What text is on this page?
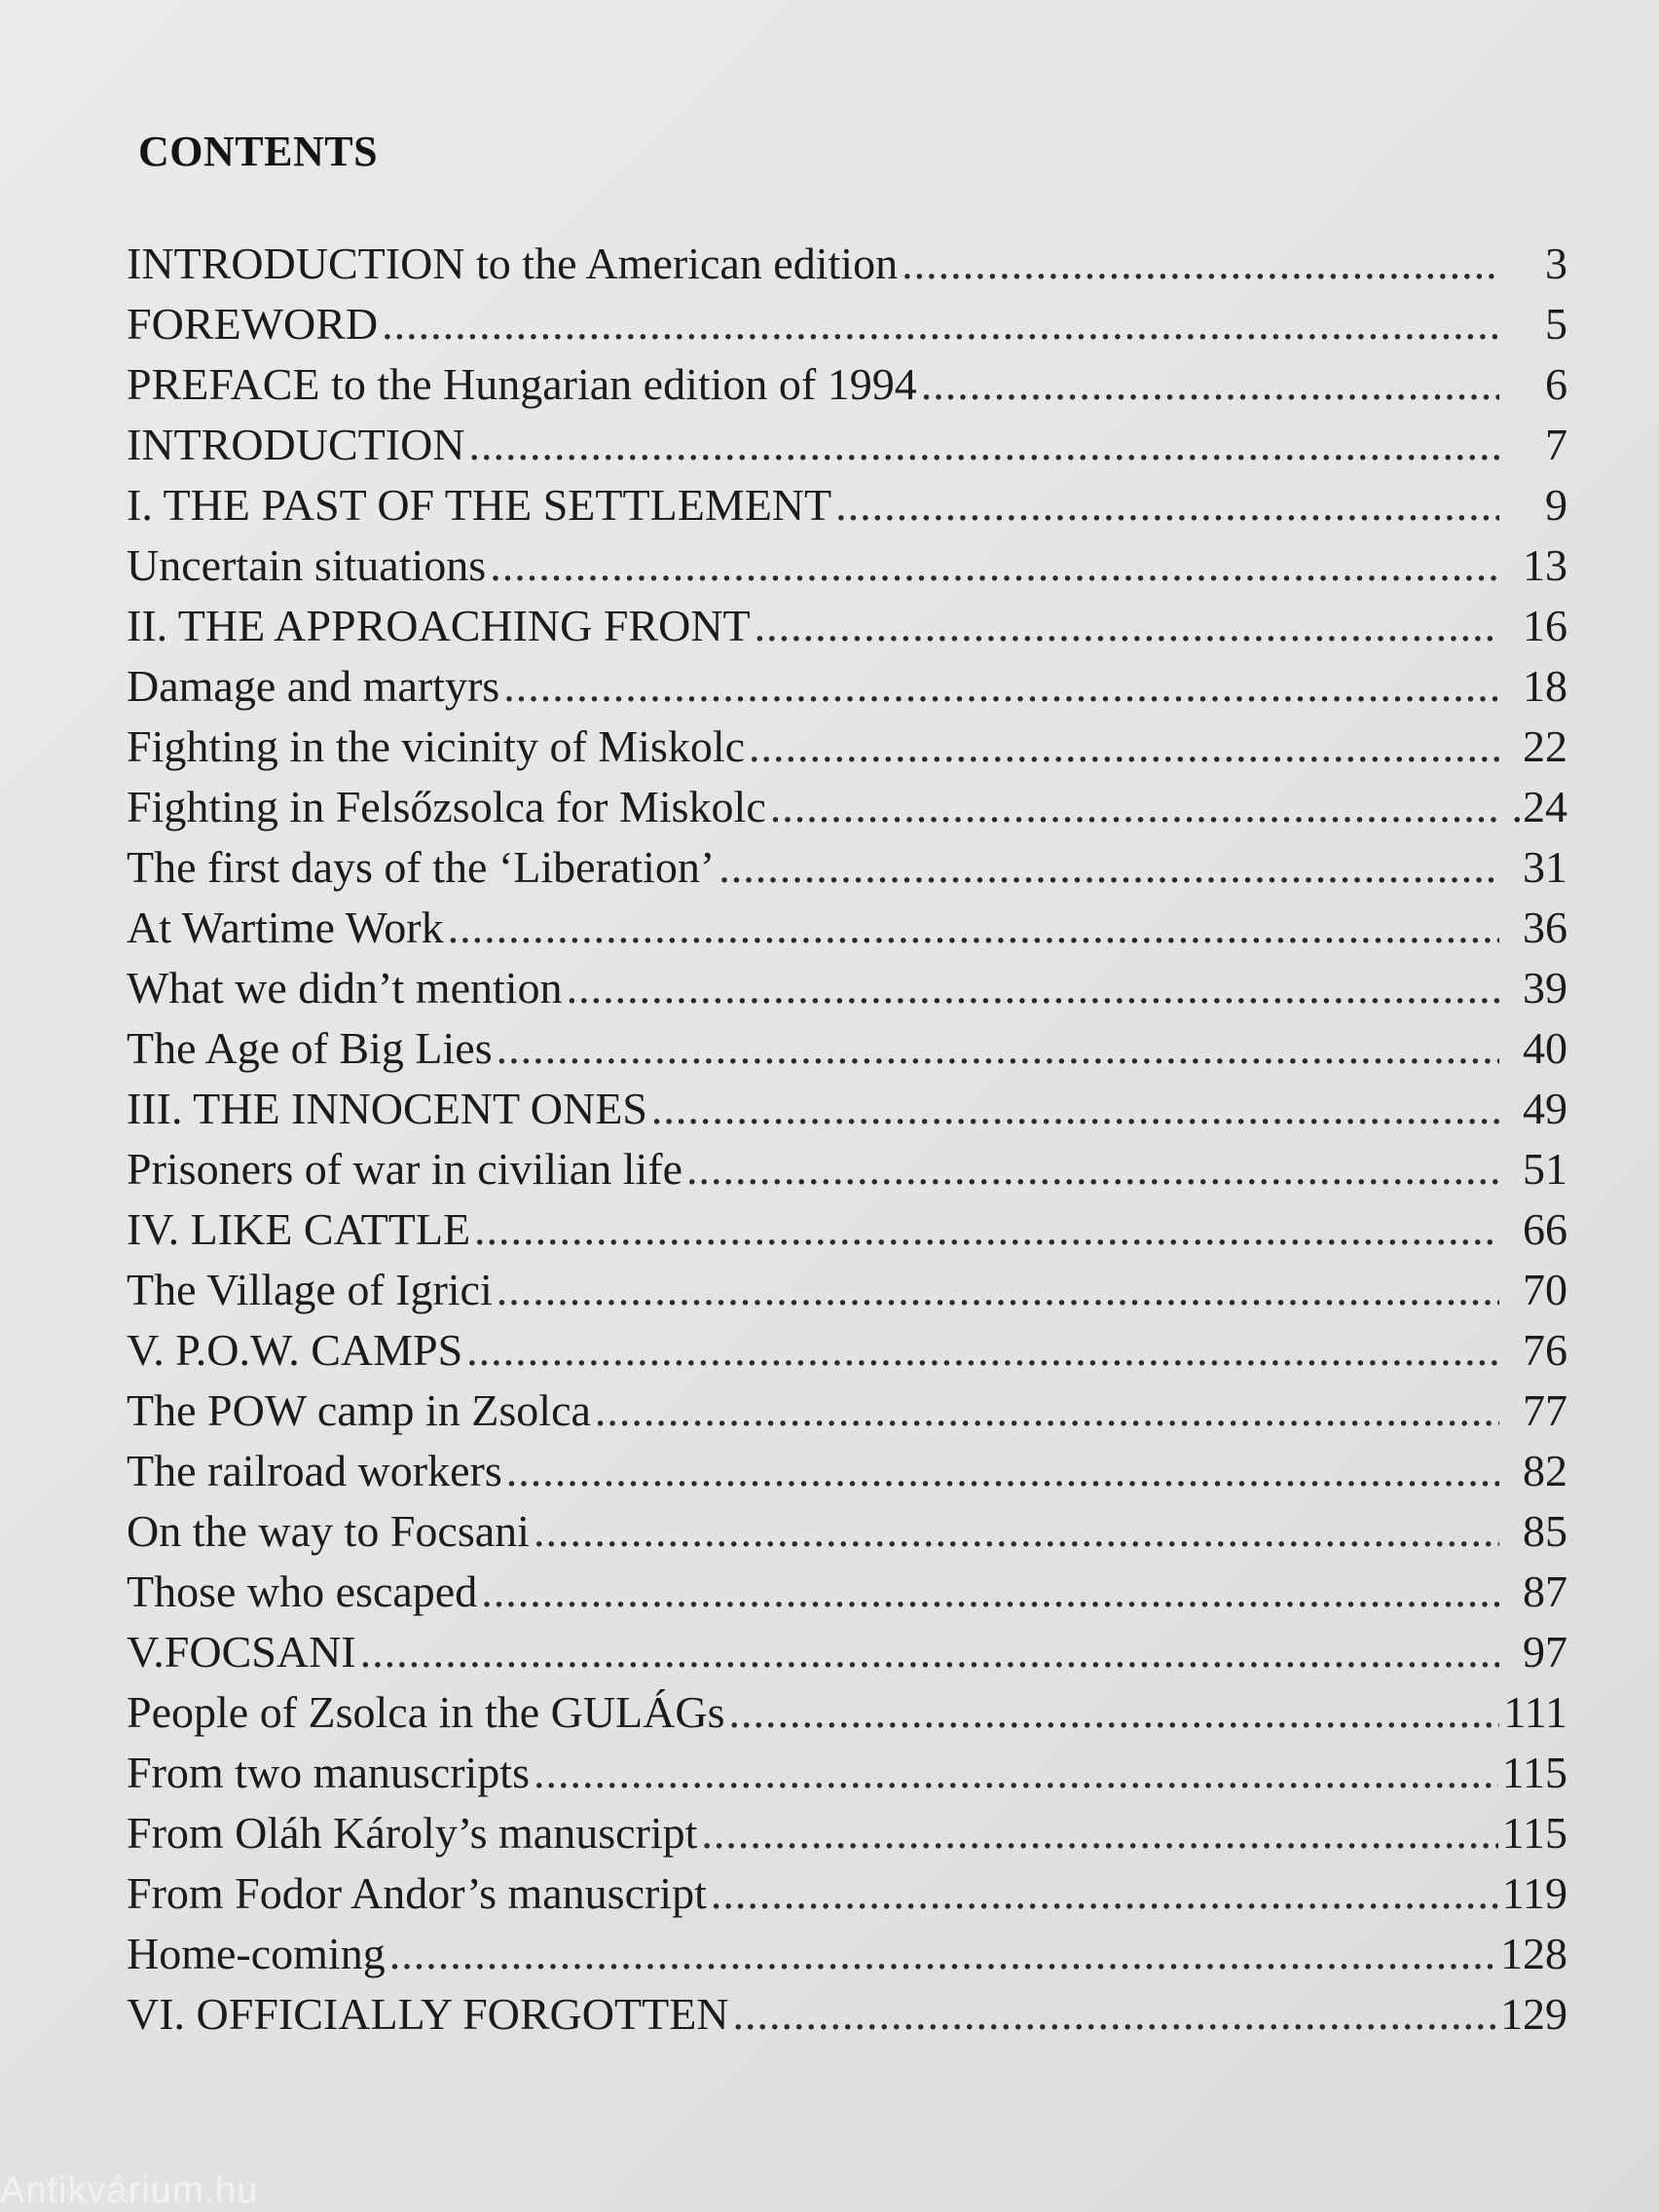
CONTENTS
INTRODUCTION to the American edition .....	3
FOREWORD .....	5
PREFACE to the Hungarian edition of 1994 .....	6
INTRODUCTION .....	7
I. THE PAST OF THE SETTLEMENT .....	9
Uncertain situations .....	13
II. THE APPROACHING FRONT .....	16
Damage and martyrs .....	18
Fighting in the vicinity of Miskolc .....	22
Fighting in Felsőzsolca for Miskolc .....	.24
The first days of the ‘Liberation’ .....	31
At Wartime Work .....	36
What we didn’t mention .....	39
The Age of Big Lies .....	40
III. THE INNOCENT ONES .....	49
Prisoners of war in civilian life .....	51
IV. LIKE CATTLE .....	66
The Village of Igrici .....	70
V. P.O.W. CAMPS .....	76
The POW camp in Zsolca .....	77
The railroad workers .....	82
On the way to Focsani .....	85
Those who escaped .....	87
V.FOCSANI .....	97
People of Zsolca in the GULÁGs .....	111
From two manuscripts .....	115
From Oláh Károly’s manuscript .....	115
From Fodor Andor’s manuscript .....	119
Home-coming .....	128
VI. OFFICIALLY FORGOTTEN .....	129
Antikvárium.hu
